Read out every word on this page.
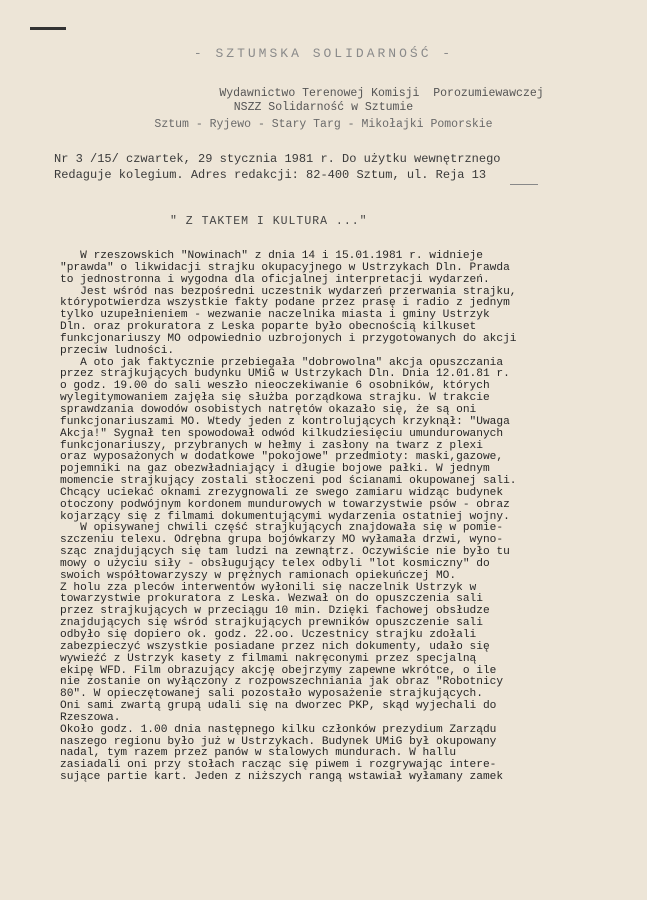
- SZTUMSKA SOLIDARNOŚĆ -
Wydawnictwo Terenowej Komisji  Porozumiewawczej
NSZZ Solidarność w Sztumie
Sztum - Ryjewo - Stary Targ - Mikołajki Pomorskie
Nr 3 /15/ czwartek, 29 stycznia 1981 r. Do użytku wewnętrznego
Redaguje kolegium. Adres redakcji: 82-400 Sztum, ul. Reja 13
" Z TAKTEM I KULTURA ..."
W rzeszowskich "Nowinach" z dnia 14 i 15.01.1981 r. widnieje
"prawda" o likwidacji strajku okupacyjnego w Ustrzykach Dln. Prawda
to jednostronna i wygodna dla oficjalnej interpretacji wydarzeń.
Jest wśród nas bezpośredni uczestnik wydarzeń przerwania strajku,
którypotwierdza wszystkie fakty podane przez prasę i radio z jednym
tylko uzupełnieniem - wezwanie naczelnika miasta i gminy Ustrzyk
Dln. oraz prokuratora z Leska poparte było obecnością kilkuset
funkcjonariuszy MO odpowiednio uzbrojonych i przygotowanych do akcji
przeciw ludności.
A oto jak faktycznie przebiegała "dobrowolna" akcja opuszczania
przez strajkujących budynku UMiG w Ustrzykach Dln. Dnia 12.01.81 r.
o godz. 19.00 do sali weszło nieoczekiwanie 6 osobników, których
wylegitymowaniem zajęła się służba porządkowa strajku. W trakcie
sprawdzania dowodów osobistych natrętów okazało się, że są oni
funkcjonariuszami MO. Wtedy jeden z kontrolujących krzyknął: "Uwaga
Akcja!" Sygnał ten spowodował odwód kilkudziesięciu umundurowanych
funkcjonariuszy, przybranych w hełmy i zasłony na twarz z plexi
oraz wyposażonych w dodatkowe "pokojowe" przedmioty: maski,gazowe,
pojemniki na gaz obezwładniający i długie bojowe pałki. W jednym
momencie strajkujący zostali stłoczeni pod ścianami okupowanej sali.
Chcący uciekać oknami zrezygnowali ze swego zamiaru widząc budynek
otoczony podwójnym kordonem mundurowych w towarzystwie psów - obraz
kojarzący się z filmami dokumentującymi wydarzenia ostatniej wojny.
W opisywanej chwili część strajkujących znajdowała się w pomie-
szczeniu telexu. Odrębna grupa bojówkarzy MO wyłamała drzwi, wyno-
sząc znajdujących się tam ludzi na zewnątrz. Oczywiście nie było tu
mowy o użyciu siły - obsługujący telex odbyli "lot kosmiczny" do
swoich współtowarzyszy w prężnych ramionach opiekuńczej MO.
Z holu zza pleców interwentów wyłonili się naczelnik Ustrzyk w
towarzystwie prokuratora z Leska. Wezwał on do opuszczenia sali
przez strajkujących w przeciągu 10 min. Dzięki fachowej obsłudze
znajdujących się wśród strajkujących prewników opuszczenie sali
odbyło się dopiero ok. godz. 22.oo. Uczestnicy strajku zdołali
zabezpieczyć wszystkie posiadane przez nich dokumenty, udało się
wywieźć z Ustrzyk kasety z filmami nakręconymi przez specjalną
ekipę WFD. Film obrazujący akcję obejrzymy zapewne wkrótce, o ile
nie zostanie on wyłączony z rozpowszechniania jak obraz "Robotnicy
80". W opieczętowanej sali pozostało wyposażenie strajkujących.
Oni sami zwartą grupą udali się na dworzec PKP, skąd wyjechali do
Rzeszowa.
Około godz. 1.00 dnia następnego kilku członków prezydium Zarządu
naszego regionu było już w Ustrzykach. Budynek UMiG był okupowany
nadal, tym razem przez panów w stalowych mundurach. W hallu
zasiadali oni przy stołach racząc się piwem i rozgrywając intere-
sujące partie kart. Jeden z niższych rangą wstawiał wyłamany zamek
